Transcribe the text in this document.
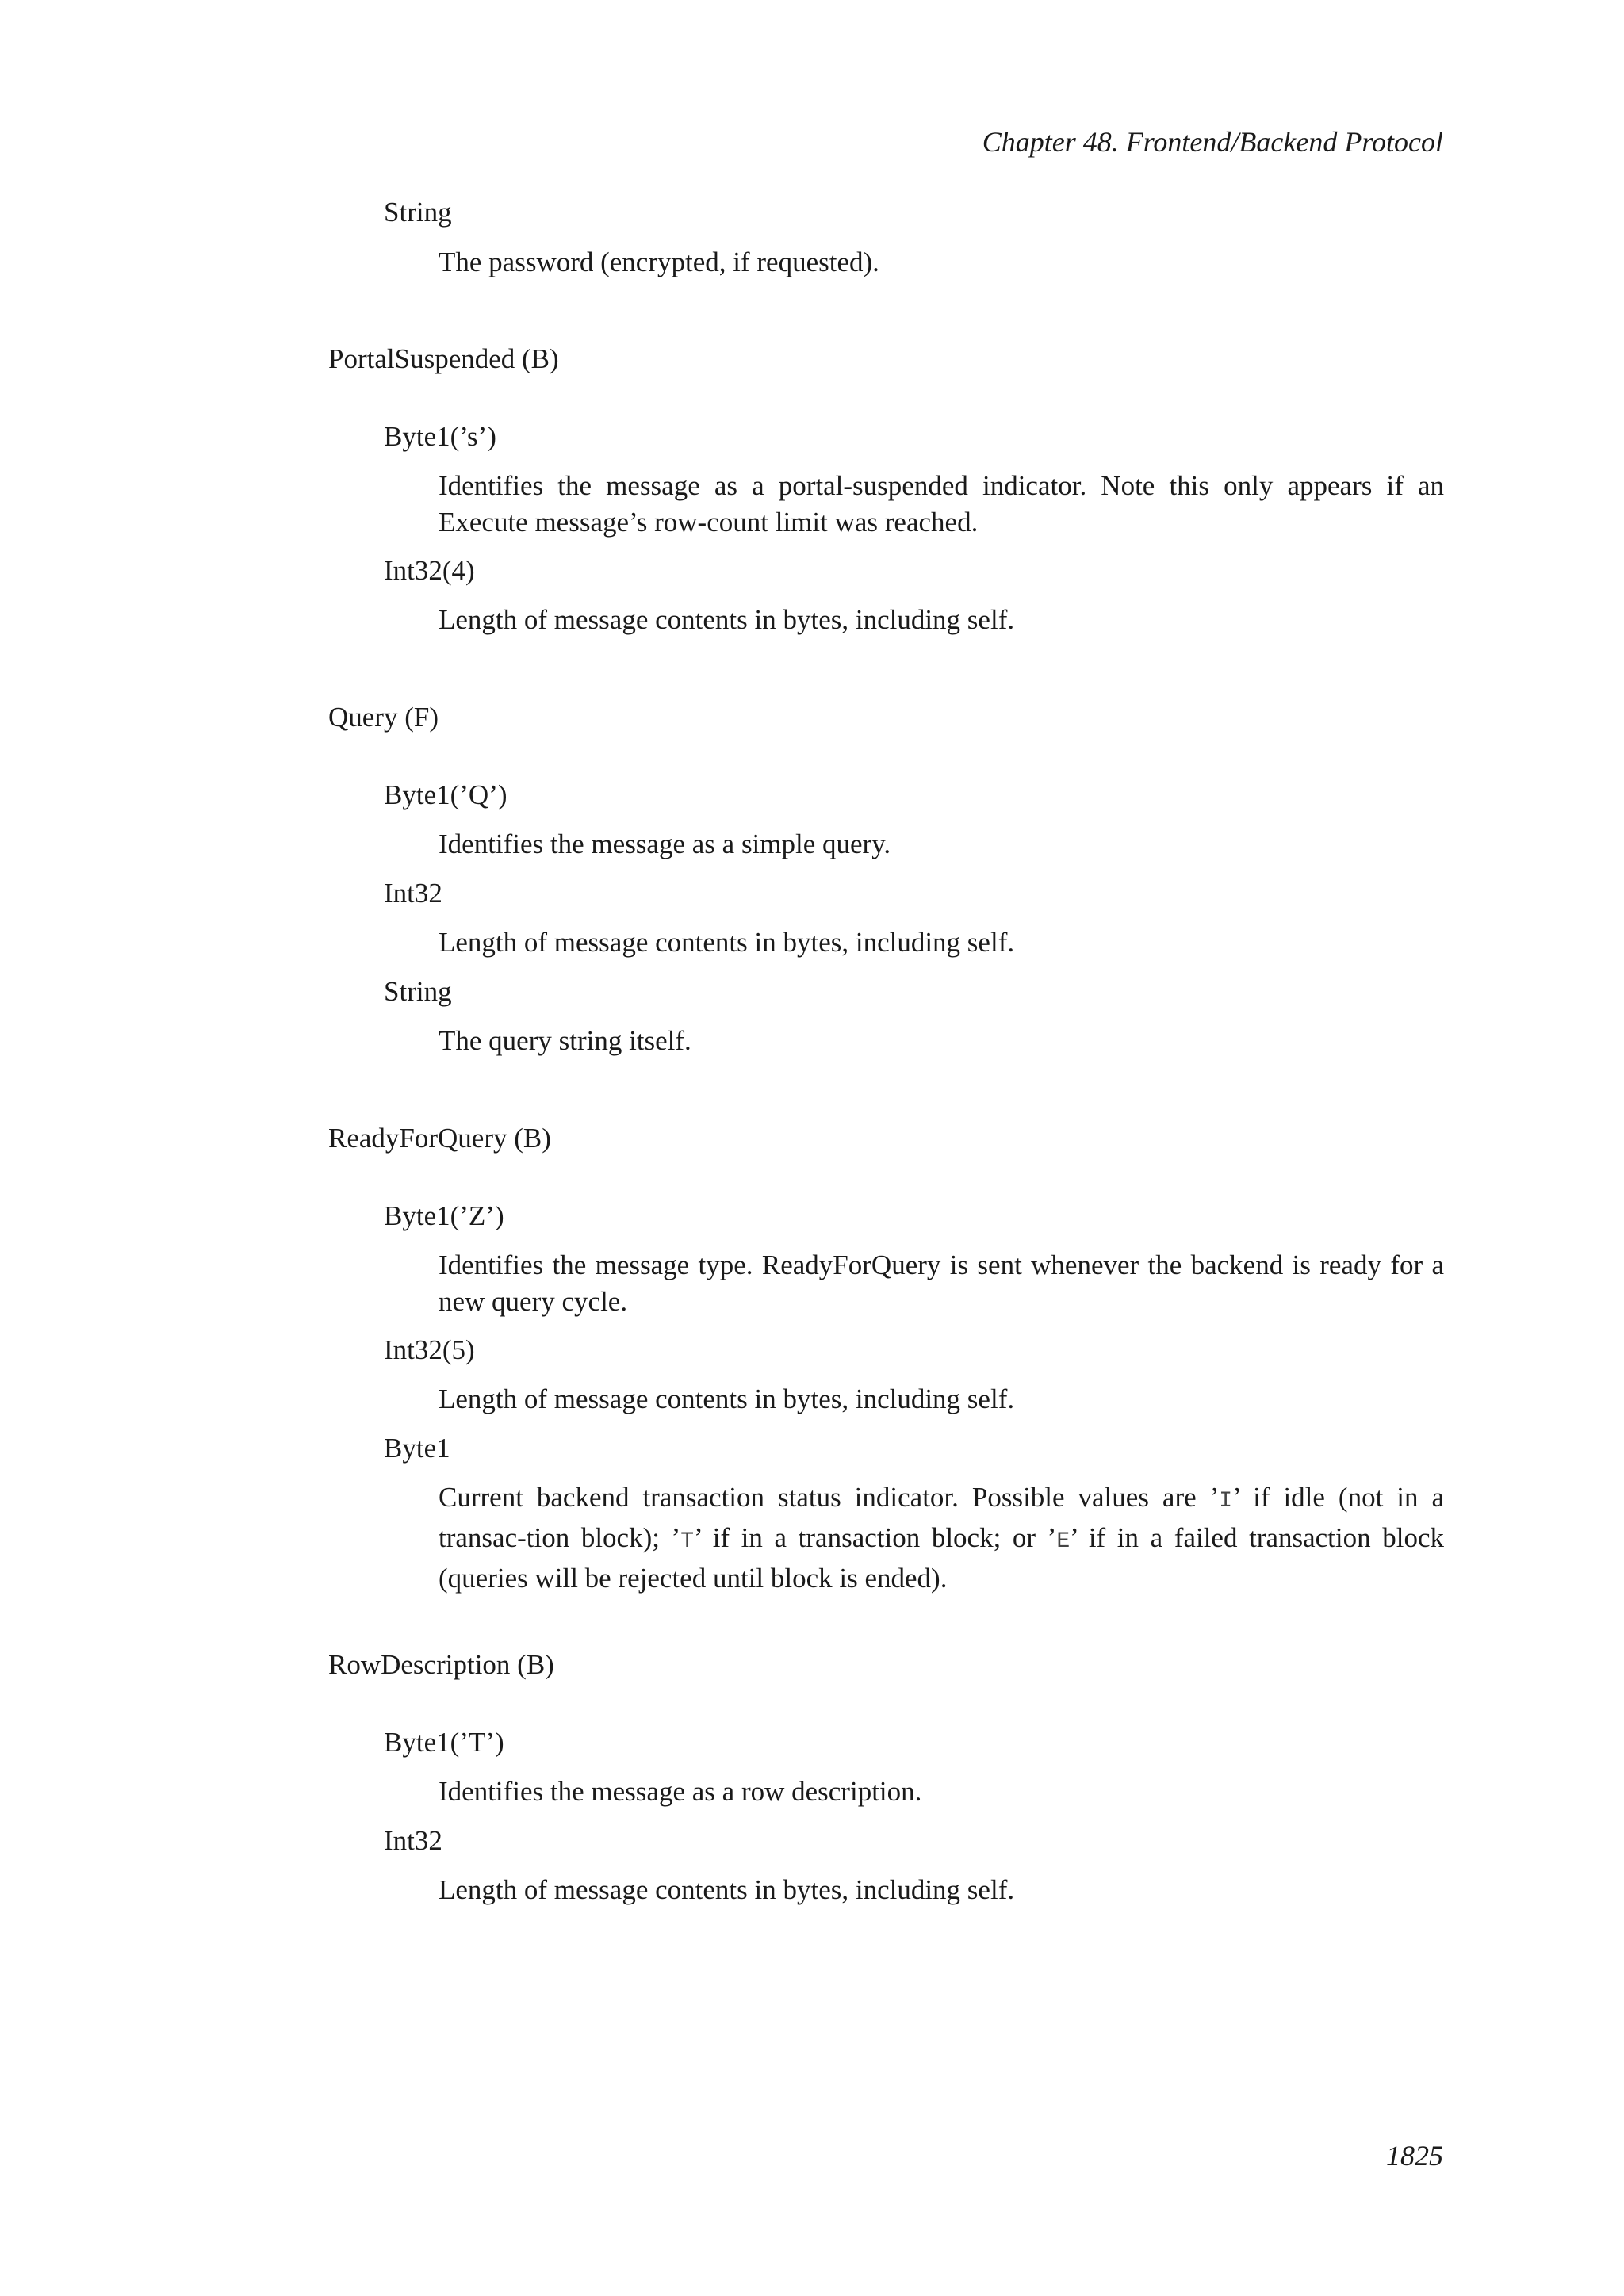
Chapter 48. Frontend/Backend Protocol
String
The password (encrypted, if requested).
PortalSuspended (B)
Byte1(’s’)
Identifies the message as a portal-suspended indicator. Note this only appears if an Execute message’s row-count limit was reached.
Int32(4)
Length of message contents in bytes, including self.
Query (F)
Byte1(’Q’)
Identifies the message as a simple query.
Int32
Length of message contents in bytes, including self.
String
The query string itself.
ReadyForQuery (B)
Byte1(’Z’)
Identifies the message type. ReadyForQuery is sent whenever the backend is ready for a new query cycle.
Int32(5)
Length of message contents in bytes, including self.
Byte1
Current backend transaction status indicator. Possible values are ’I’ if idle (not in a transac-tion block); ’T’ if in a transaction block; or ’E’ if in a failed transaction block (queries will be rejected until block is ended).
RowDescription (B)
Byte1(’T’)
Identifies the message as a row description.
Int32
Length of message contents in bytes, including self.
1825
